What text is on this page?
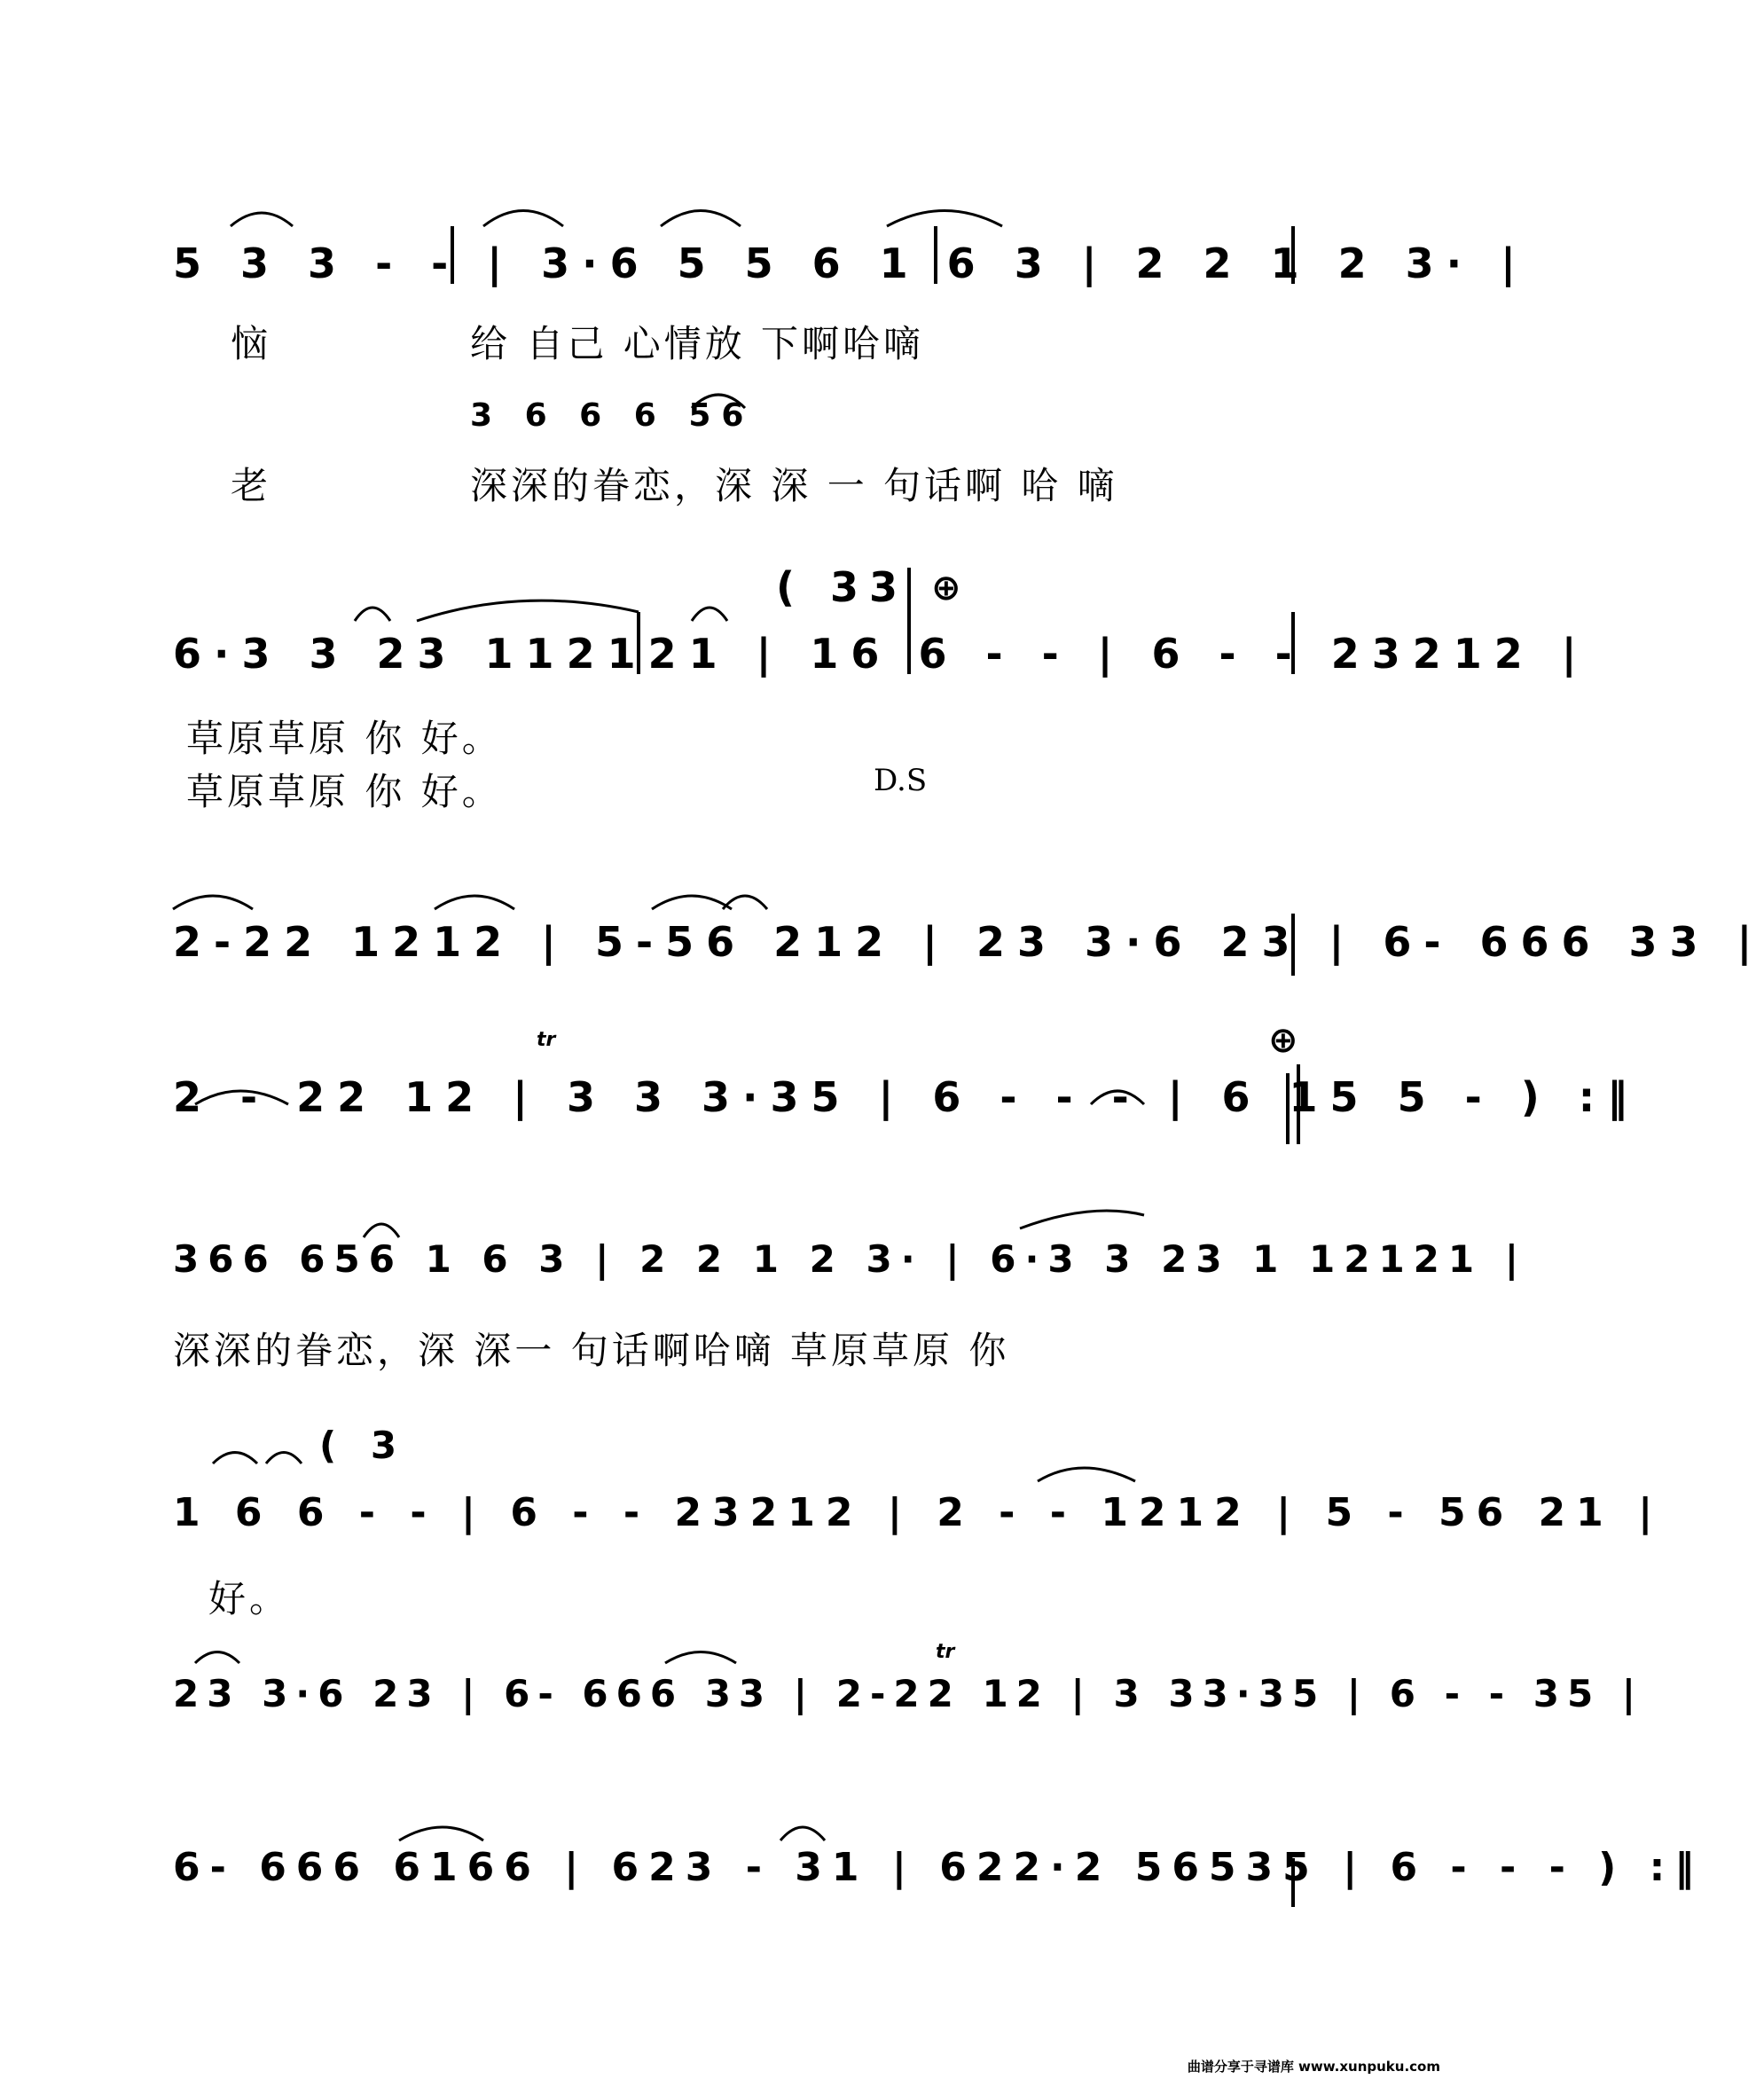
5 3 3 - - | 3·6 5 5 6 1 6 3 | 2 2 1 2 3· |
恼	给 自己 心情放 下啊哈嘀
3 6 6 6 56
老	深深的眷恋，深 深 一 句话啊 哈 嘀
( 33 ⊕
6·3 3 23 112121 | 16 6 - - | 6 - - 23212 |
草原草原 你 好。
草原草原 你 好。	D.S
2-22 1212 | 5-56 212 | 23 3·6 23 | 6- 666 33 |
tr	⊕
2 - 22 12 | 3 3 3·35 | 6 - - - | 6 15 5 - ) :‖
366 656 1 6 3 | 2 2 1 2 3· | 6·3 3 23 1 12121 |
深深的眷恋，深 深一 句话啊哈嘀 草原草原 你
( 3
1 6 6 - - | 6 - - 23212 | 2 - - 1212 | 5 - 56 21 |
好。
tr
23 3·6 23 | 6- 666 33 | 2-22 12 | 3 33·35 | 6 - - 35 |
6- 666 6166 | 623 - 31 | 622·2 56535 | 6 - - - ) :‖
曲谱分享于寻谱库 www.xunpuku.com
